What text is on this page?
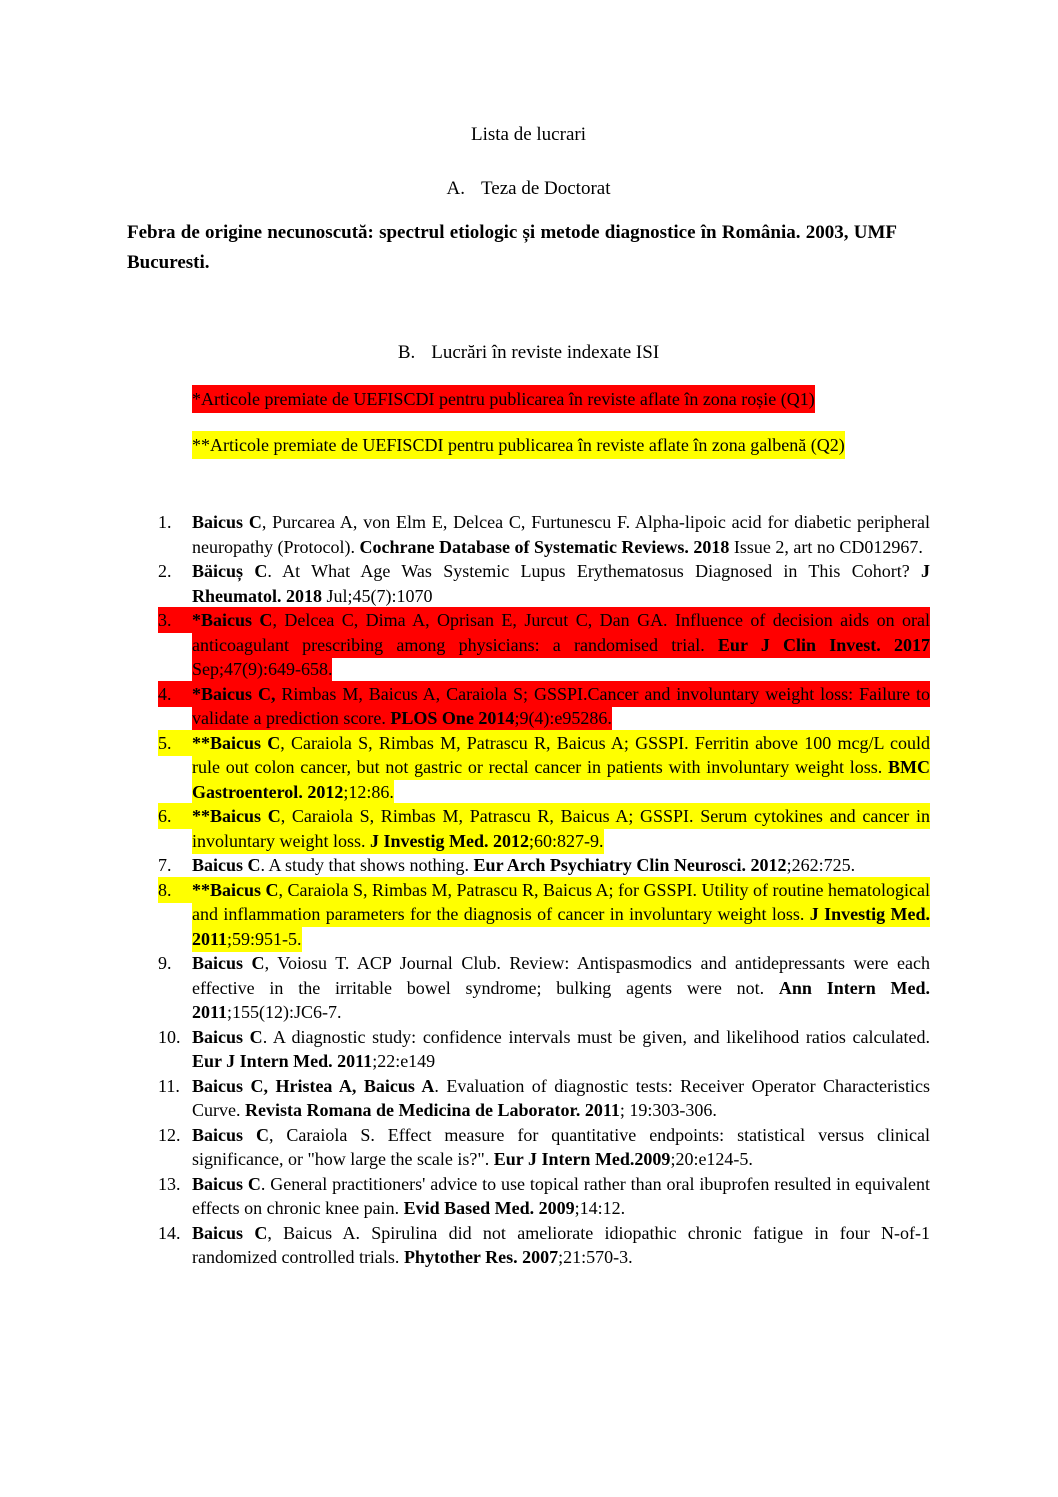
Lista de lucrari

A. Teza de Doctorat

Febra de origine necunoscută: spectrul etiologic și metode diagnostice în România. 2003, UMF Bucuresti.

B. Lucrări în reviste indexate ISI

*Articole premiate de UEFISCDI pentru publicarea în reviste aflate în zona roșie (Q1)

**Articole premiate de UEFISCDI pentru publicarea în reviste aflate în zona galbenă (Q2)

1. Baicus C, Purcarea A, von Elm E, Delcea C, Furtunescu F. Alpha-lipoic acid for diabetic peripheral neuropathy (Protocol). Cochrane Database of Systematic Reviews. 2018 Issue 2, art no CD012967.
2. Bäicuș C. At What Age Was Systemic Lupus Erythematosus Diagnosed in This Cohort? J Rheumatol. 2018 Jul;45(7):1070
3. *Baicus C, Delcea C, Dima A, Oprisan E, Jurcut C, Dan GA. Influence of decision aids on oral anticoagulant prescribing among physicians: a randomised trial. Eur J Clin Invest. 2017 Sep;47(9):649-658.
4. *Baicus C, Rimbas M, Baicus A, Caraiola S; GSSPI.Cancer and involuntary weight loss: Failure to validate a prediction score. PLOS One 2014;9(4):e95286.
5. **Baicus C, Caraiola S, Rimbas M, Patrascu R, Baicus A; GSSPI. Ferritin above 100 mcg/L could rule out colon cancer, but not gastric or rectal cancer in patients with involuntary weight loss. BMC Gastroenterol. 2012;12:86.
6. **Baicus C, Caraiola S, Rimbas M, Patrascu R, Baicus A; GSSPI. Serum cytokines and cancer in involuntary weight loss. J Investig Med. 2012;60:827-9.
7. Baicus C. A study that shows nothing. Eur Arch Psychiatry Clin Neurosci. 2012;262:725.
8. **Baicus C, Caraiola S, Rimbas M, Patrascu R, Baicus A; for GSSPI. Utility of routine hematological and inflammation parameters for the diagnosis of cancer in involuntary weight loss. J Investig Med. 2011;59:951-5.
9. Baicus C, Voiosu T. ACP Journal Club. Review: Antispasmodics and antidepressants were each effective in the irritable bowel syndrome; bulking agents were not. Ann Intern Med. 2011;155(12):JC6-7.
10. Baicus C. A diagnostic study: confidence intervals must be given, and likelihood ratios calculated. Eur J Intern Med. 2011;22:e149
11. Baicus C, Hristea A, Baicus A. Evaluation of diagnostic tests: Receiver Operator Characteristics Curve. Revista Romana de Medicina de Laborator. 2011; 19:303-306.
12. Baicus C, Caraiola S. Effect measure for quantitative endpoints: statistical versus clinical significance, or "how large the scale is?". Eur J Intern Med.2009;20:e124-5.
13. Baicus C. General practitioners' advice to use topical rather than oral ibuprofen resulted in equivalent effects on chronic knee pain. Evid Based Med. 2009;14:12.
14. Baicus C, Baicus A. Spirulina did not ameliorate idiopathic chronic fatigue in four N-of-1 randomized controlled trials. Phytother Res. 2007;21:570-3.
